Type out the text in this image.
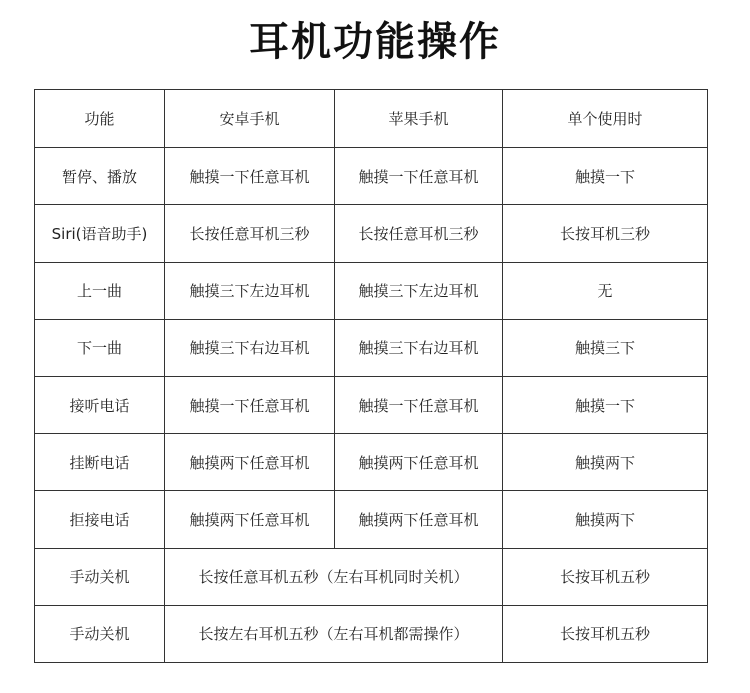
耳机功能操作
功能	安卓手机	苹果手机	单个使用时
暂停、播放	触摸一下任意耳机	触摸一下任意耳机	触摸一下
Siri(语音助手)	长按任意耳机三秒	长按任意耳机三秒	长按耳机三秒
上一曲	触摸三下左边耳机	触摸三下左边耳机	无
下一曲	触摸三下右边耳机	触摸三下右边耳机	触摸三下
接听电话	触摸一下任意耳机	触摸一下任意耳机	触摸一下
挂断电话	触摸两下任意耳机	触摸两下任意耳机	触摸两下
拒接电话	触摸两下任意耳机	触摸两下任意耳机	触摸两下
手动关机	长按任意耳机五秒（左右耳机同时关机）		长按耳机五秒
手动关机	长按左右耳机五秒（左右耳机都需操作）		长按耳机五秒
